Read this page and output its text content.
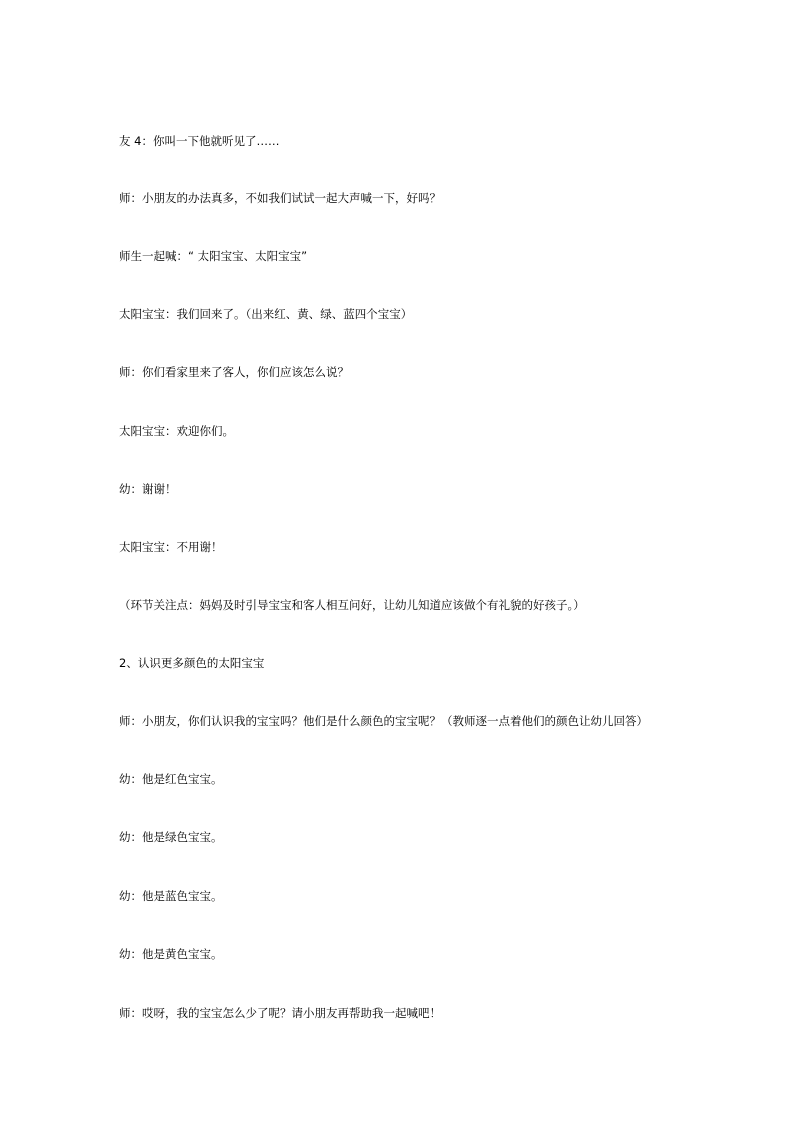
友 4：你叫一下他就听见了……

师：小朋友的办法真多，不如我们试试一起大声喊一下，好吗？

师生一起喊：“ 太阳宝宝、太阳宝宝”

太阳宝宝：我们回来了。（出来红、黄、绿、蓝四个宝宝）

师：你们看家里来了客人，你们应该怎么说？

太阳宝宝：欢迎你们。

幼：谢谢！

太阳宝宝：不用谢！

（环节关注点：妈妈及时引导宝宝和客人相互问好，让幼儿知道应该做个有礼貌的好孩子。）

2、认识更多颜色的太阳宝宝

师：小朋友，你们认识我的宝宝吗？他们是什么颜色的宝宝呢？（教师逐一点着他们的颜色让幼儿回答）

幼：他是红色宝宝。

幼：他是绿色宝宝。

幼：他是蓝色宝宝。

幼：他是黄色宝宝。

师：哎呀，我的宝宝怎么少了呢？请小朋友再帮助我一起喊吧！
